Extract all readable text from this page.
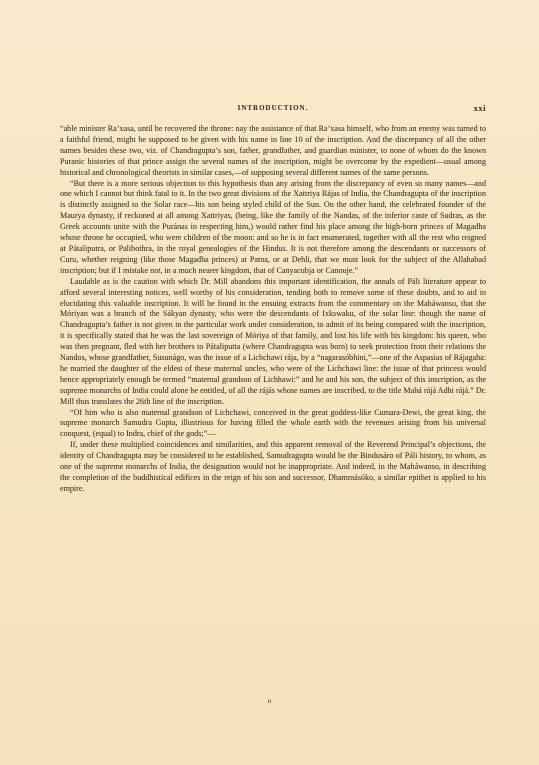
INTRODUCTION.	xxi

“able minister Ra’xasa, until he recovered the throne: nay the assistance of that Ra’xasa himself, who from an enemy was turned to a faithful friend, might be supposed to be given with his name in line 10 of the inscription. And the discrepancy of all the other names besides these two, viz. of Chandragupta’s son, father, grandfather, and guardian minister, to none of whom do the known Puranic histories of that prince assign the several names of the inscription, might be overcome by the expedient—usual among historical and chronological theorists in similar cases,—of supposing several different names of the same persons.

“But there is a more serious objection to this hypothesis than any arising from the discrepancy of even so many names—and one which I cannot but think fatal to it. In the two great divisions of the Xattriya Rájas of India, the Chandragupta of the inscription is distinctly assigned to the Solar race—his son being styled child of the Sun. On the other hand, the celebrated founder of the Maurya dynasty, if reckoned at all among Xattriyas, (being, like the family of the Nandas, of the inferior caste of Sudras, as the Greek accounts unite with the Puránas in respecting him,) would rather find his place among the high-born princes of Magadha whose throne he occupied, who were children of the moon: and so he is in fact enumerated, together with all the rest who reigned at Pátaliputra, or Palibothra, in the royal genealogies of the Hindus. It is not therefore among the descendants or successors of Curu, whether reigning (like those Magadha princes) at Patna, or at Dehli, that we must look for the subject of the Allahabad inscription; but if I mistake not, in a much nearer kingdom, that of Canyacubja or Canouje.”

Laudable as is the caution with which Dr. Mill abandons this important identification, the annals of Páli literature appear to afford several interesting notices, well worthy of his consideration, tending both to remove some of these doubts, and to aid in elucidating this valuable inscription. It will be found in the ensuing extracts from the commentary on the Maháwanso, that the Móriyan was a branch of the Sákyan dynasty, who were the descendants of Ixkswaku, of the solar line: though the name of Chandragupta’s father is not given in the particular work under consideration, to admit of its being compared with the inscription, it is specifically stated that he was the last sovereign of Móriya of that family, and lost his life with his kingdom: his queen, who was then pregnant, fled with her brothers to Pátaliputta (where Chandragupta was born) to seek protection from their relations the Nandos, whose grandfather, Susunágo, was the issue of a Lichchawi rája, by a “nagarasóbhini,”—one of the Aspasias of Rájagaha: he married the daughter of the eldest of these maternal uncles, who were of the Lichchawi line: the issue of that princess would hence appropriately enough be termed “maternal grandson of Lichhawi:” and he and his son, the subject of this inscription, as the supreme monarchs of India could alone be entitled, of all the rájás whose names are inscribed, to the title Mahá rájá Adhi rájá.” Dr. Mill thus translates the 26th line of the inscription.

“Of him who is also maternal grandson of Lichchawi, conceived in the great goddess-like Cumara-Dewi, the great king, the supreme monarch Samudra Gupta, illustrious for having filled the whole earth with the revenues arising from his universal conquest, (equal) to Indra, chief of the gods;”—

If, under these multiplied coincidences and similarities, and this apparent removal of the Reverend Principal’s objections, the identity of Chandragupta may be considered to be established, Samudragupta would be the Bindusáro of Páli history, to whom, as one of the supreme monarchs of India, the designation would not be inappropriate. And indeed, in the Maháwanso, in describing the completion of the buddhistical edifices in the reign of his son and successor, Dhammásóko, a similar epithet is applied to his empire.

o
